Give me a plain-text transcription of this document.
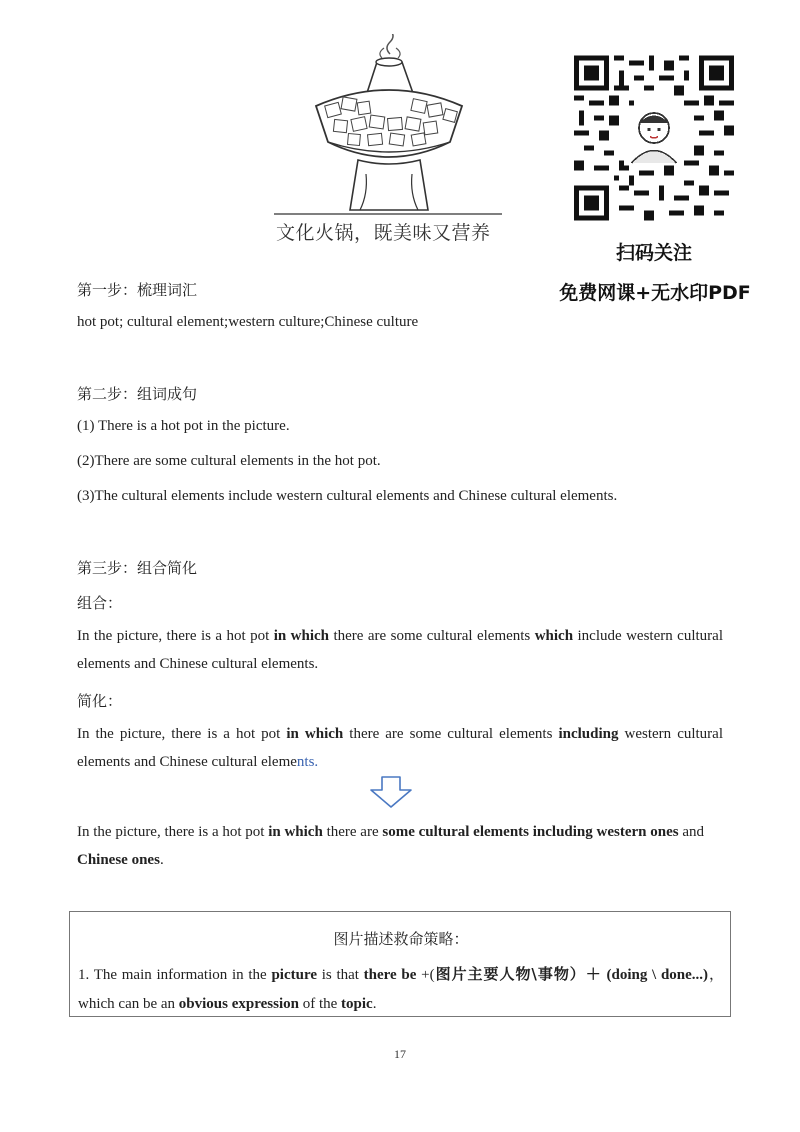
文化火锅，既美味又营养
扫码关注
免费网课+无水印PDF
第一步：梳理词汇
hot pot; cultural element;western culture;Chinese culture
第二步：组词成句
(1) There is a hot pot in the picture.
(2)There are some cultural elements in the hot pot.
(3)The cultural elements include western cultural elements and Chinese cultural elements.
第三步：组合简化
组合：
In the picture, there is a hot pot in which there are some cultural elements which include western cultural elements and Chinese cultural elements.
简化：
In the picture, there is a hot pot in which there are some cultural elements including western cultural elements and Chinese cultural elements.
In the picture, there is a hot pot in which there are some cultural elements including western ones and Chinese ones.
图片描述救命策略：
1. The main information in the picture is that there be +(图片主要人物\事物）＋ (doing \ done...)，which can be an obvious expression of the topic.
17
